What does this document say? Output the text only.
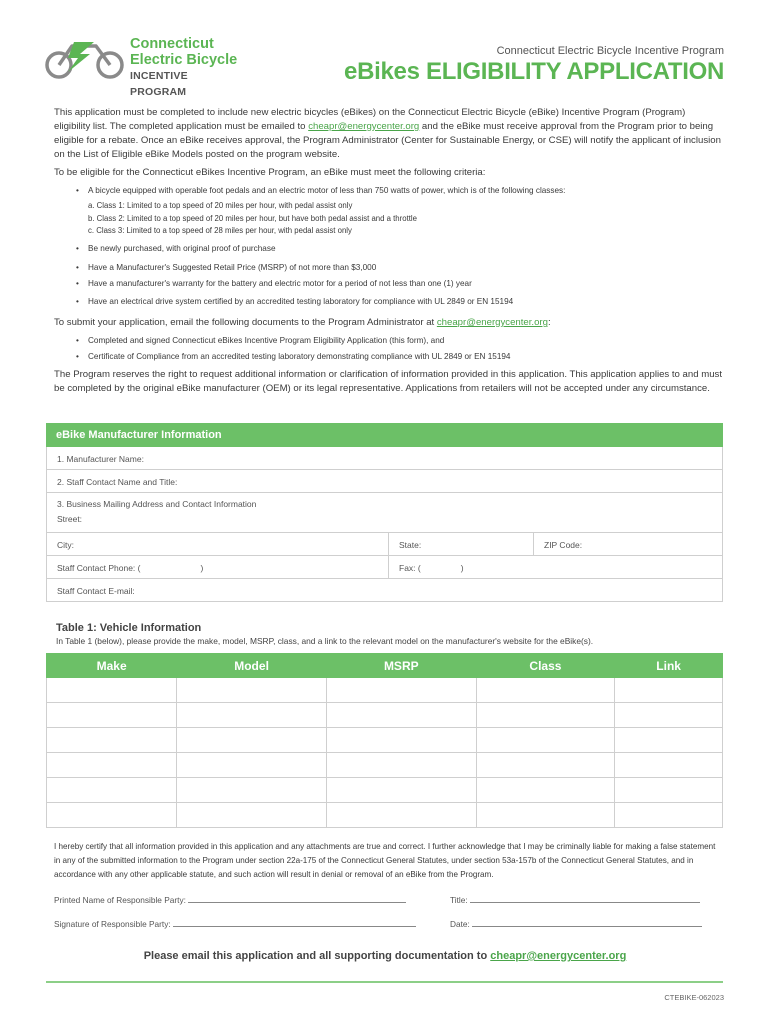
Connecticut
Electric Bicycle
INCENTIVE PROGRAM
Connecticut Electric Bicycle Incentive Program
eBikes ELIGIBILITY APPLICATION
This application must be completed to include new electric bicycles (eBikes) on the Connecticut Electric Bicycle (eBike) Incentive Program (Program) eligibility list. The completed application must be emailed to cheapr@energycenter.org and the eBike must receive approval from the Program prior to being eligible for a rebate. Once an eBike receives approval, the Program Administrator (Center for Sustainable Energy, or CSE) will notify the applicant of inclusion on the List of Eligible eBike Models posted on the program website.
To be eligible for the Connecticut eBikes Incentive Program, an eBike must meet the following criteria:
• A bicycle equipped with operable foot pedals and an electric motor of less than 750 watts of power, which is of the following classes:
a. Class 1: Limited to a top speed of 20 miles per hour, with pedal assist only
b. Class 2: Limited to a top speed of 20 miles per hour, but have both pedal assist and a throttle
c. Class 3: Limited to a top speed of 28 miles per hour, with pedal assist only
• Be newly purchased, with original proof of purchase
• Have a Manufacturer's Suggested Retail Price (MSRP) of not more than $3,000
• Have a manufacturer's warranty for the battery and electric motor for a period of not less than one (1) year
• Have an electrical drive system certified by an accredited testing laboratory for compliance with UL 2849 or EN 15194
To submit your application, email the following documents to the Program Administrator at cheapr@energycenter.org:
• Completed and signed Connecticut eBikes Incentive Program Eligibility Application (this form), and
• Certificate of Compliance from an accredited testing laboratory demonstrating compliance with UL 2849 or EN 15194
The Program reserves the right to request additional information or clarification of information provided in this application. This application applies to and must be completed by the original eBike manufacturer (OEM) or its legal representative. Applications from retailers will not be accepted under any circumstance.
eBike Manufacturer Information
1. Manufacturer Name:
2. Staff Contact Name and Title:
3. Business Mailing Address and Contact Information
Street:
City:	State:	ZIP Code:
Staff Contact Phone: (	)	Fax: (	)
Staff Contact E-mail:
Table 1: Vehicle Information
In Table 1 (below), please provide the make, model, MSRP, class, and a link to the relevant model on the manufacturer's website for the eBike(s).
Make	Model	MSRP	Class	Link

I hereby certify that all information provided in this application and any attachments are true and correct. I further acknowledge that I may be criminally liable for making a false statement in any of the submitted information to the Program under section 22a-175 of the Connecticut General Statutes, under section 53a-157b of the Connecticut General Statutes, and in accordance with any other applicable statute, and such action will result in denial or removal of an eBike from the Program.
Printed Name of Responsible Party:	Title:
Signature of Responsible Party:	Date:
Please email this application and all supporting documentation to cheapr@energycenter.org
CTEBIKE-062023
